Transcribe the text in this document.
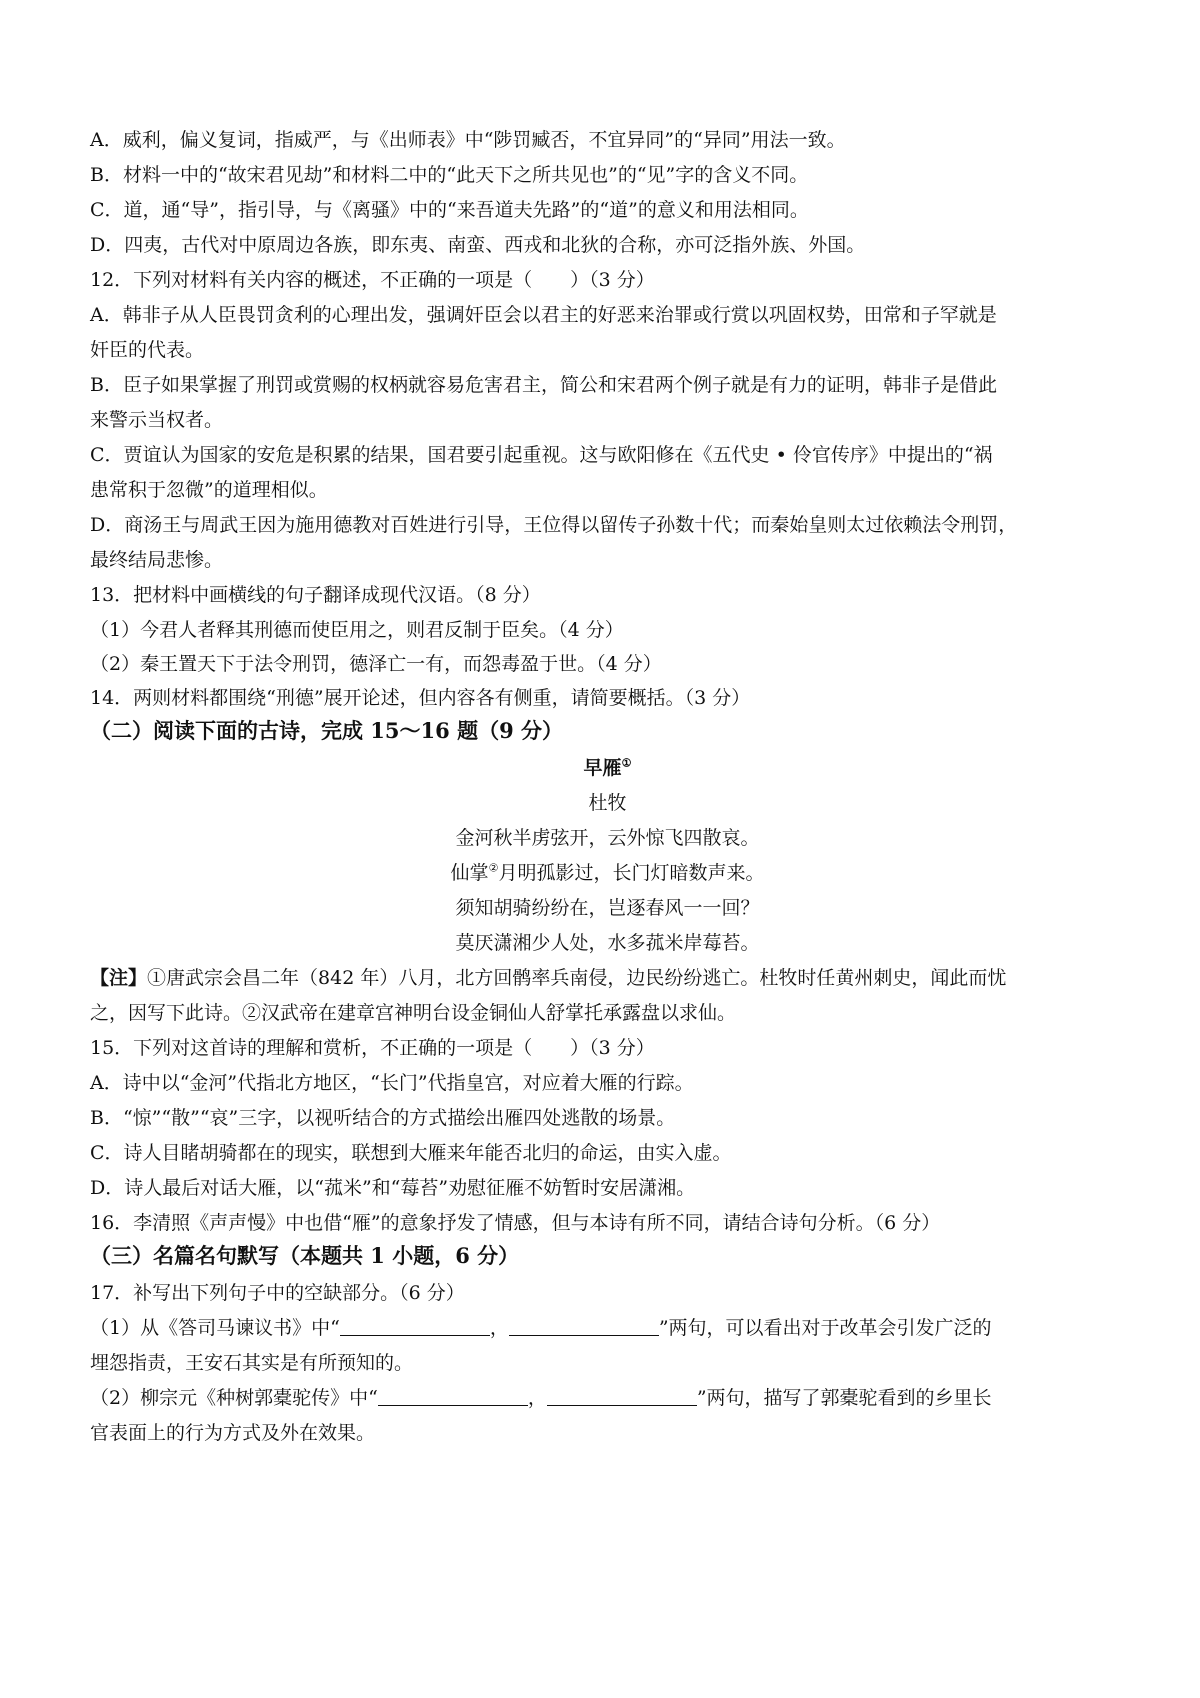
A．威利，偏义复词，指威严，与《出师表》中“陟罚臧否，不宜异同”的“异同”用法一致。
B．材料一中的“故宋君见劫”和材料二中的“此天下之所共见也”的“见”字的含义不同。
C．道，通“导”，指引导，与《离骚》中的“来吾道夫先路”的“道”的意义和用法相同。
D．四夷，古代对中原周边各族，即东夷、南蛮、西戎和北狄的合称，亦可泛指外族、外国。
12．下列对材料有关内容的概述，不正确的一项是（　　）（3 分）
A．韩非子从人臣畏罚贪利的心理出发，强调奸臣会以君主的好恶来治罪或行赏以巩固权势，田常和子罕就是
奸臣的代表。
B．臣子如果掌握了刑罚或赏赐的权柄就容易危害君主，简公和宋君两个例子就是有力的证明，韩非子是借此
来警示当权者。
C．贾谊认为国家的安危是积累的结果，国君要引起重视。这与欧阳修在《五代史 • 伶官传序》中提出的“祸
患常积于忽微”的道理相似。
D．商汤王与周武王因为施用德教对百姓进行引导，王位得以留传子孙数十代；而秦始皇则太过依赖法令刑罚，
最终结局悲惨。
13．把材料中画横线的句子翻译成现代汉语。（8 分）
（1）今君人者释其刑德而使臣用之，则君反制于臣矣。（4 分）
（2）秦王置天下于法令刑罚，德泽亡一有，而怨毒盈于世。（4 分）
14．两则材料都围绕“刑德”展开论述，但内容各有侧重，请简要概括。（3 分）
（二）阅读下面的古诗，完成 15～16 题（9 分）
早雁①
杜牧
金河秋半虏弦开，云外惊飞四散哀。
仙掌②月明孤影过，长门灯暗数声来。
须知胡骑纷纷在，岂逐春风一一回？
莫厌潇湘少人处，水多菰米岸莓苔。
【注】①唐武宗会昌二年（842 年）八月，北方回鹘率兵南侵，边民纷纷逃亡。杜牧时任黄州刺史，闻此而忧
之，因写下此诗。②汉武帝在建章宫神明台设金铜仙人舒掌托承露盘以求仙。
15．下列对这首诗的理解和赏析，不正确的一项是（　　）（3 分）
A．诗中以“金河”代指北方地区，“长门”代指皇宫，对应着大雁的行踪。
B．“惊”“散”“哀”三字，以视听结合的方式描绘出雁四处逃散的场景。
C．诗人目睹胡骑都在的现实，联想到大雁来年能否北归的命运，由实入虚。
D．诗人最后对话大雁，以“菰米”和“莓苔”劝慰征雁不妨暂时安居潇湘。
16．李清照《声声慢》中也借“雁”的意象抒发了情感，但与本诗有所不同，请结合诗句分析。（6 分）
（三）名篇名句默写（本题共 1 小题，6 分）
17．补写出下列句子中的空缺部分。（6 分）
（1）从《答司马谏议书》中“	，	”两句，可以看出对于改革会引发广泛的
埋怨指责，王安石其实是有所预知的。
（2）柳宗元《种树郭橐驼传》中“	，	”两句，描写了郭橐驼看到的乡里长
官表面上的行为方式及外在效果。
